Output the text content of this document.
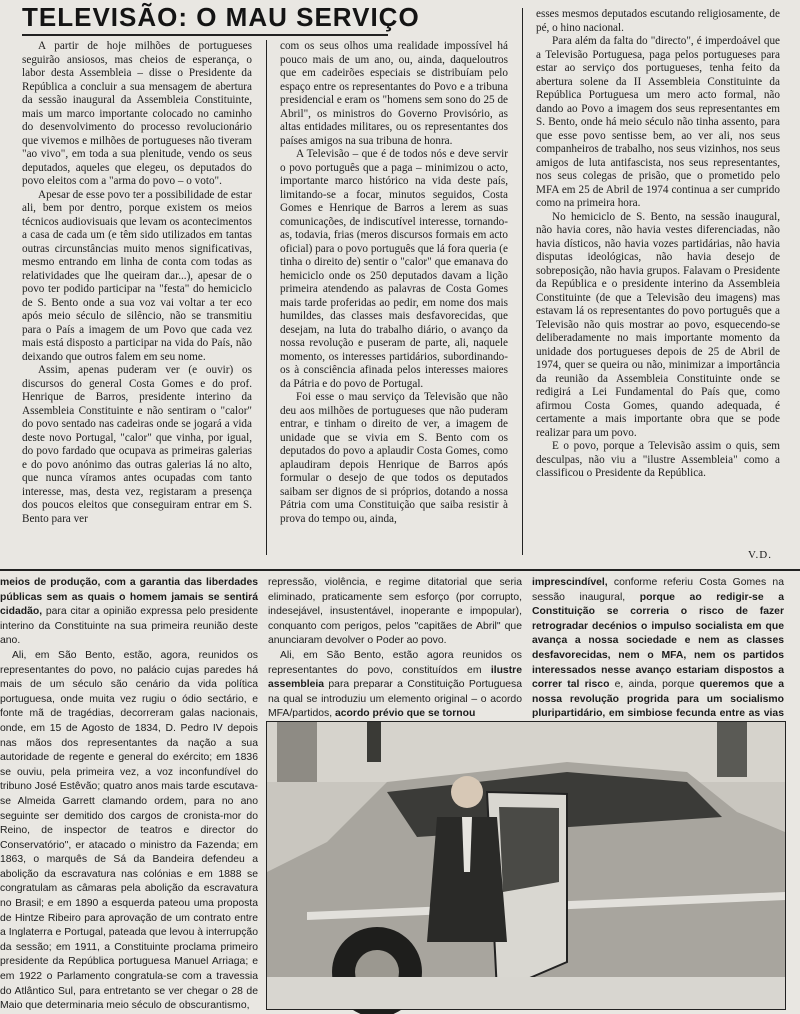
TELEVISÃO: O MAU SERVIÇO

A partir de hoje milhões de portugueses seguirão ansiosos, mas cheios de esperança, o labor desta Assembleia – disse o Presidente da República a concluir a sua mensagem de abertura da sessão inaugural da Assembleia Constituinte, mais um marco importante colocado no caminho do desenvolvimento do processo revolucionário que vivemos e milhões de portugueses não tiveram "ao vivo", em toda a sua plenitude, vendo os seus deputados, aqueles que elegeu, os deputados do povo eleitos com a "arma do povo – o voto".

Apesar de esse povo ter a possibilidade de estar ali, bem por dentro, porque existem os meios técnicos audiovisuais que levam os acontecimentos a casa de cada um (e têm sido utilizados em tantas outras circunstâncias muito menos significativas, mesmo entrando em linha de conta com todas as relatividades que lhe queiram dar...), apesar de o povo ter podido participar na "festa" do hemiciclo de S. Bento onde a sua voz vai voltar a ter eco após meio século de silêncio, não se transmitiu para o País a imagem de um Povo que cada vez mais está disposto a participar na vida do País, não deixando que outros falem em seu nome.

Assim, apenas puderam ver (e ouvir) os discursos do general Costa Gomes e do prof. Henrique de Barros, presidente interino da Assembleia Constituinte e não sentiram o "calor" do povo sentado nas cadeiras onde se jogará a vida deste novo Portugal, "calor" que vinha, por igual, do povo fardado que ocupava as primeiras galerias e do povo anónimo das outras galerias lá no alto, que nunca víramos antes ocupadas com tanto interesse, mas, desta vez, registaram a presença dos poucos eleitos que conseguiram entrar em S. Bento para ver

com os seus olhos uma realidade impossível há pouco mais de um ano, ou, ainda, daqueloutros que em cadeirões especiais se distribuíam pelo espaço entre os representantes do Povo e a tribuna presidencial e eram os "homens sem sono do 25 de Abril", os ministros do Governo Provisório, as altas entidades militares, ou os representantes dos países amigos na sua tribuna de honra.

A Televisão – que é de todos nós e deve servir o povo português que a paga – minimizou o acto, importante marco histórico na vida deste país, limitando-se a focar, minutos seguidos, Costa Gomes e Henrique de Barros a lerem as suas comunicações, de indiscutível interesse, tornando-as, todavia, frias (meros discursos formais em acto oficial) para o povo português que lá fora queria (e tinha o direito de) sentir o "calor" que emanava do hemiciclo onde os 250 deputados davam a lição primeira atendendo as palavras de Costa Gomes mais tarde proferidas ao pedir, em nome dos mais humildes, das classes mais desfavorecidas, que desejam, na luta do trabalho diário, o avanço da nossa revolução e puseram de parte, ali, naquele momento, os interesses partidários, subordinando-os à consciência afinada pelos interesses maiores da Pátria e do povo de Portugal.

Foi esse o mau serviço da Televisão que não deu aos milhões de portugueses que não puderam entrar, e tinham o direito de ver, a imagem de unidade que se vivia em S. Bento com os deputados do povo a aplaudir Costa Gomes, como aplaudiram depois Henrique de Barros após formular o desejo de que todos os deputados saibam ser dignos de si próprios, dotando a nossa Pátria com uma Constituição que saiba resistir à prova do tempo ou, ainda,

esses mesmos deputados escutando religiosamente, de pé, o hino nacional.

Para além da falta do "directo", é imperdoável que a Televisão Portuguesa, paga pelos portugueses para estar ao serviço dos portugueses, tenha feito da abertura solene da II Assembleia Constituinte da República Portuguesa um mero acto formal, não dando ao Povo a imagem dos seus representantes em S. Bento, onde há meio século não tinha assento, para que esse povo sentisse bem, ao ver ali, nos seus companheiros de trabalho, nos seus vizinhos, nos seus amigos de luta antifascista, nos seus representantes, nos seus colegas de prisão, que o prometido pelo MFA em 25 de Abril de 1974 continua a ser cumprido como na primeira hora.

No hemiciclo de S. Bento, na sessão inaugural, não havia cores, não havia vestes diferenciadas, não havia dísticos, não havia vozes partidárias, não havia disputas ideológicas, não havia desejo de sobreposição, não havia grupos. Falavam o Presidente da República e o presidente interino da Assembleia Constituinte (de que a Televisão deu imagens) mas estavam lá os representantes do povo português que a Televisão não quis mostrar ao povo, esquecendo-se deliberadamente no mais importante momento da unidade dos portugueses depois de 25 de Abril de 1974, quer se queira ou não, minimizar a importância da reunião da Assembleia Constituinte onde se redigirá a Lei Fundamental do País que, como afirmou Costa Gomes, quando adequada, é certamente a mais importante obra que se pode realizar para um povo.

E o povo, porque a Televisão assim o quis, sem desculpas, não viu a "ilustre Assembleia" como a classificou o Presidente da República.

V.D.

meios de produção, com a garantia das liberdades públicas sem as quais o homem jamais se sentirá cidadão, para citar a opinião expressa pelo presidente interino da Constituinte na sua primeira reunião deste ano.

Ali, em São Bento, estão, agora, reunidos os representantes do povo, no palácio cujas paredes há mais de um século são cenário da vida política portuguesa, onde muita vez rugiu o ódio sectário, e fonte mã de tragédias, decorreram galas nacionais, onde, em 15 de Agosto de 1834, D. Pedro IV depois nas mãos dos representantes da nação a sua autoridade de regente e general do exército; em 1836 se ouviu, pela primeira vez, a voz inconfundível do tribuno José Estêvão; quatro anos mais tarde escutava-se Almeida Garrett clamando ordem, para no ano seguinte ser demitido dos cargos de cronista-mor do Reino, de inspector de teatros e director do Conservatório", er atacado o ministro da Fazenda; em 1863, o marquês de Sá da Bandeira defendeu a abolição da escravatura nas colónias e em 1888 se congratulam as câmaras pela abolição da escravatura no Brasil; e em 1890 a esquerda pateou uma proposta de Hintze Ribeiro para aprovação de um contrato entre a Inglaterra e Portugal, pateada que levou à interrupção da sessão; em 1911, a Constituinte proclama primeiro presidente da República portuguesa Manuel Arriaga; e em 1922 o Parlamento congratula-se com a travessia do Atlântico Sul, para entretanto se ver chegar o 28 de Maio que determinaria meio século de obscurantismo,

repressão, violência, e regime ditatorial que seria eliminado, praticamente sem esforço (por corrupto, indesejável, insustentável, inoperante e impopular), conquanto com perigos, pelos "capitães de Abril" que anunciaram devolver o Poder ao povo.

Ali, em São Bento, estão agora reunidos os representantes do povo, constituídos em ilustre assembleia para preparar a Constituição Portuguesa na qual se introduziu um elemento original – o acordo MFA/partidos, acordo prévio que se tornou

imprescindível, conforme referiu Costa Gomes na sessão inaugural, porque ao redigir-se a Constituição se correria o risco de fazer retrogradar decénios o impulso socialista em que avança a nossa sociedade e nem as classes desfavorecidas, nem o MFA, nem os partidos interessados nesse avanço estariam dispostos a correr tal risco e, ainda, porque queremos que a nossa revolução progrida para um socialismo pluripartidário, em simbiose fecunda entre as vias
